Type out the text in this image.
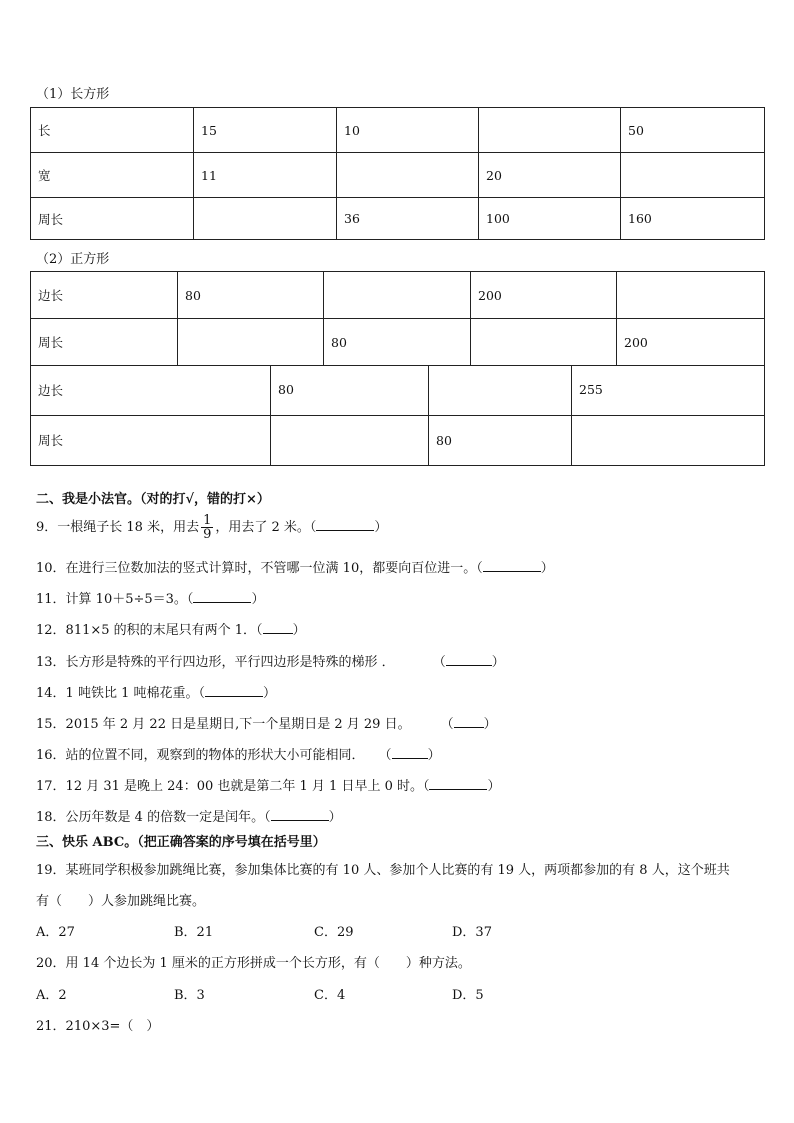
（1）长方形
长	15	10		50
宽	11		20	
周长		36	100	160
（2）正方形
边长	80		200	
周长		80		200
边长	80		255
周长		80	
二、我是小法官。（对的打√，错的打×）
9．一根绳子长 18 米，用去 $\frac{1}{9}$ ，用去了 2 米。（	）
10．在进行三位数加法的竖式计算时，不管哪一位满 10，都要向百位进一。（	）
11．计算 10＋5÷5＝3。（	）
12．811×5 的积的末尾只有两个 1．（ ）
13．长方形是特殊的平行四边形，平行四边形是特殊的梯形 ．	（	）
14．1 吨铁比 1 吨棉花重。（	）
15．2015 年 2 月 22 日是星期日,下一个星期日是 2 月 29 日。 （ ）
16．站的位置不同，观察到的物体的形状大小可能相同． （	）
17．12 月 31 是晚上 24：00 也就是第二年 1 月 1 日早上 0 时。（	）
18．公历年数是 4 的倍数一定是闰年。（	）
三、快乐 ABC。（把正确答案的序号填在括号里）
19．某班同学积极参加跳绳比赛，参加集体比赛的有 10 人、参加个人比赛的有 19 人，两项都参加的有 8 人，这个班共
有（　　）人参加跳绳比赛。
A．27	B．21	C．29	D．37
20．用 14 个边长为 1 厘米的正方形拼成一个长方形，有（　　）种方法。
A．2	B．3	C．4	D．5
21．210×3=（　）
